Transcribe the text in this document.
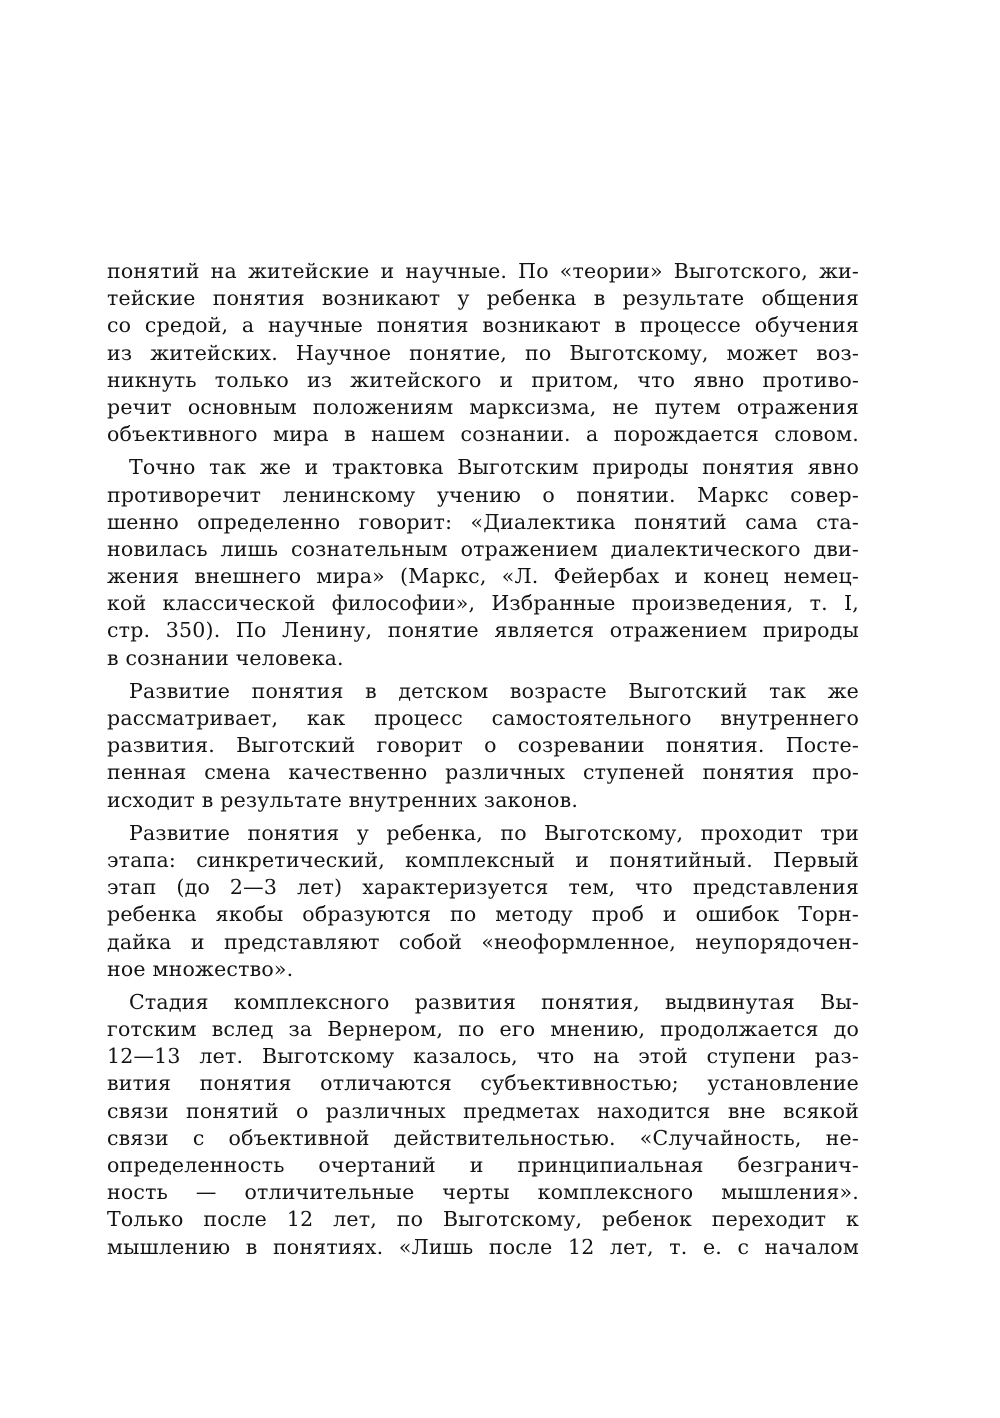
понятий на житейские и научные. По «теории» Выготского, жи-
тейские понятия возникают у ребенка в результате общения
со средой, а научные понятия возникают в процессе обучения
из житейских. Научное понятие, по Выготскому, может воз-
никнуть только из житейского и притом, что явно противо-
речит основным положениям марксизма, не путем отражения
объективного мира в нашем сознании. а порождается словом.
Точно так же и трактовка Выготским природы понятия явно
противоречит ленинскому учению о понятии. Маркс совер-
шенно определенно говорит: «Диалектика понятий сама ста-
новилась лишь сознательным отражением диалектического дви-
жения внешнего мира» (Маркс, «Л. Фейербах и конец немец-
кой классической философии», Избранные произведения, т. I,
стр. 350). По Ленину, понятие является отражением природы
в сознании человека.
Развитие понятия в детском возрасте Выготский так же
рассматривает, как процесс самостоятельного внутреннего
развития. Выготский говорит о созревании понятия. Посте-
пенная смена качественно различных ступеней понятия про-
исходит в результате внутренних законов.
Развитие понятия у ребенка, по Выготскому, проходит три
этапа: синкретический, комплексный и понятийный. Первый
этап (до 2—3 лет) характеризуется тем, что представления
ребенка якобы образуются по методу проб и ошибок Торн-
дайка и представляют собой «неоформленное, неупорядочен-
ное множество».
Стадия комплексного развития понятия, выдвинутая Вы-
готским вслед за Вернером, по его мнению, продолжается до
12—13 лет. Выготскому казалось, что на этой ступени раз-
вития понятия отличаются субъективностью; установление
связи понятий о различных предметах находится вне всякой
связи с объективной действительностью. «Случайность, не-
определенность очертаний и принципиальная безгранич-
ность — отличительные черты комплексного мышления».
Только после 12 лет, по Выготскому, ребенок переходит к
мышлению в понятиях. «Лишь после 12 лет, т. е. с началом
